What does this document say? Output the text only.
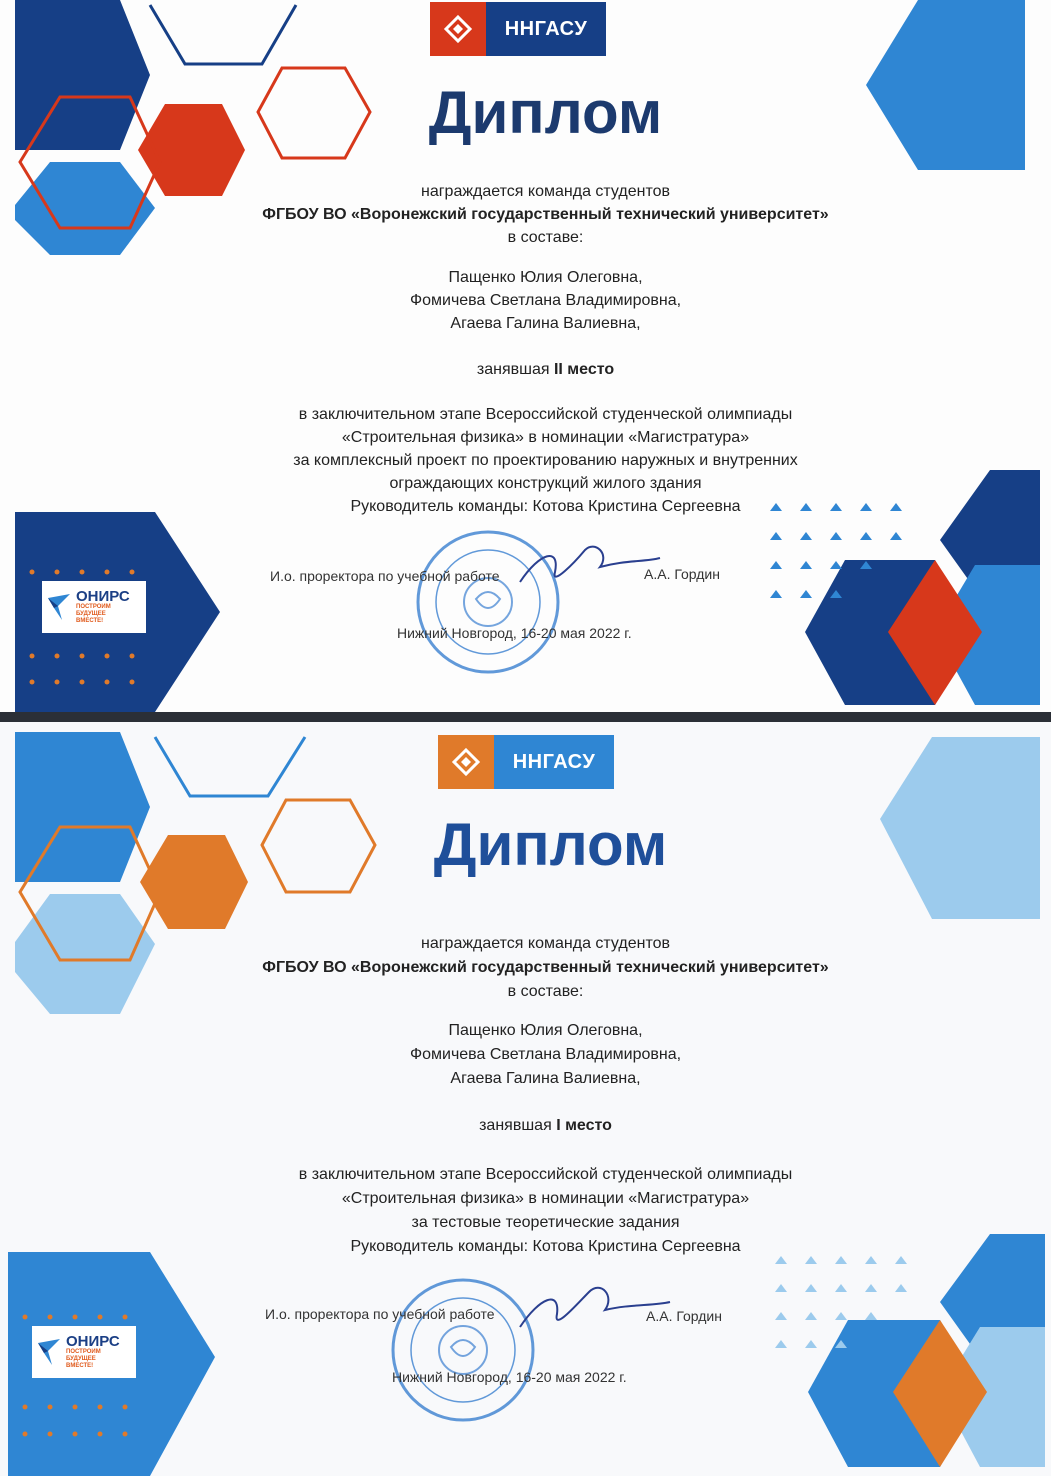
ННГАСУ
Диплом
награждается команда студентов
ФГБОУ ВО «Воронежский государственный технический университет»
в составе:
Пащенко Юлия Олеговна,
Фомичева Светлана Владимировна,
Агаева Галина Валиевна,
занявшая II место
в заключительном этапе Всероссийской студенческой олимпиады
«Строительная физика» в номинации «Магистратура»
за комплексный проект по проектированию наружных и внутренних
ограждающих конструкций жилого здания
Руководитель команды: Котова Кристина Сергеевна
ОНИРС
ПОСТРОИМ
БУДУЩЕЕ
ВМЕСТЕ!
И.о. проректора по учебной работе	А.А. Гордин
Нижний Новгород, 16-20 мая 2022 г.
ННГАСУ
Диплом
награждается команда студентов
ФГБОУ ВО «Воронежский государственный технический университет»
в составе:
Пащенко Юлия Олеговна,
Фомичева Светлана Владимировна,
Агаева Галина Валиевна,
занявшая I место
в заключительном этапе Всероссийской студенческой олимпиады
«Строительная физика» в номинации «Магистратура»
за тестовые теоретические задания
Руководитель команды: Котова Кристина Сергеевна
ОНИРС
ПОСТРОИМ
БУДУЩЕЕ
ВМЕСТЕ!
И.о. проректора по учебной работе	А.А. Гордин
Нижний Новгород, 16-20 мая 2022 г.
